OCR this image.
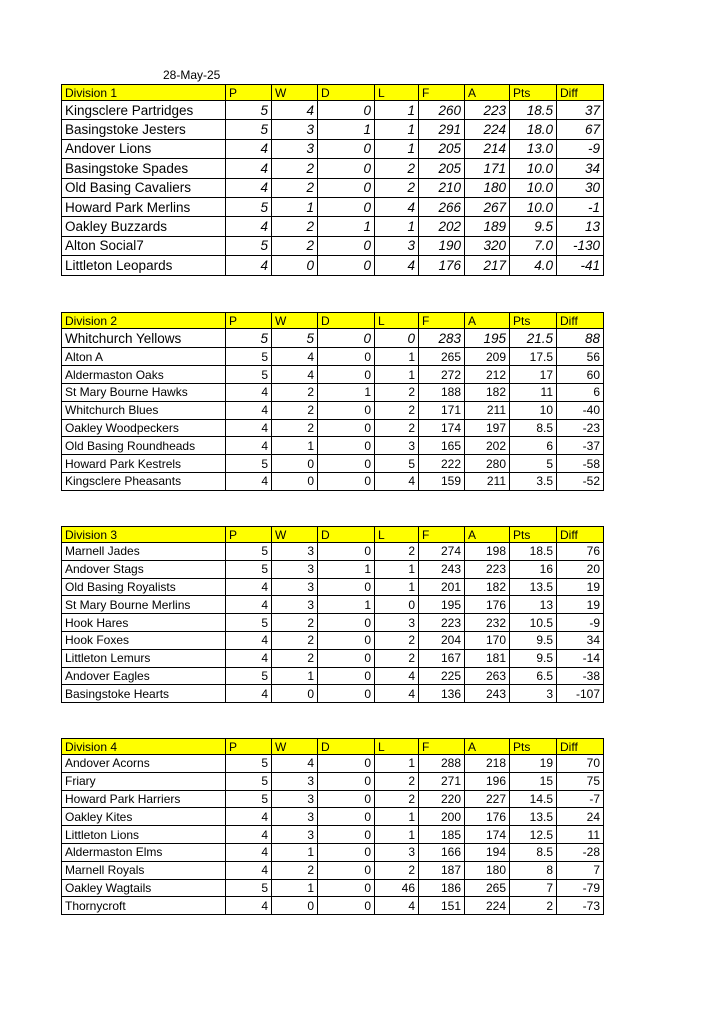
28-May-25
Division 1	P	W	D	L	F	A	Pts	Diff
Kingsclere Partridges	5	4	0	1	260	223	18.5	37
Basingstoke Jesters	5	3	1	1	291	224	18.0	67
Andover Lions	4	3	0	1	205	214	13.0	-9
Basingstoke Spades	4	2	0	2	205	171	10.0	34
Old Basing Cavaliers	4	2	0	2	210	180	10.0	30
Howard Park Merlins	5	1	0	4	266	267	10.0	-1
Oakley Buzzards	4	2	1	1	202	189	9.5	13
Alton Social7	5	2	0	3	190	320	7.0	-130
Littleton Leopards	4	0	0	4	176	217	4.0	-41
Division 2	P	W	D	L	F	A	Pts	Diff
Whitchurch Yellows	5	5	0	0	283	195	21.5	88
Alton A	5	4	0	1	265	209	17.5	56
Aldermaston Oaks	5	4	0	1	272	212	17	60
St Mary Bourne Hawks	4	2	1	2	188	182	11	6
Whitchurch Blues	4	2	0	2	171	211	10	-40
Oakley Woodpeckers	4	2	0	2	174	197	8.5	-23
Old Basing Roundheads	4	1	0	3	165	202	6	-37
Howard Park Kestrels	5	0	0	5	222	280	5	-58
Kingsclere Pheasants	4	0	0	4	159	211	3.5	-52
Division 3	P	W	D	L	F	A	Pts	Diff
Marnell Jades	5	3	0	2	274	198	18.5	76
Andover Stags	5	3	1	1	243	223	16	20
Old Basing Royalists	4	3	0	1	201	182	13.5	19
St Mary Bourne Merlins	4	3	1	0	195	176	13	19
Hook Hares	5	2	0	3	223	232	10.5	-9
Hook Foxes	4	2	0	2	204	170	9.5	34
Littleton Lemurs	4	2	0	2	167	181	9.5	-14
Andover Eagles	5	1	0	4	225	263	6.5	-38
Basingstoke Hearts	4	0	0	4	136	243	3	-107
Division 4	P	W	D	L	F	A	Pts	Diff
Andover Acorns	5	4	0	1	288	218	19	70
Friary	5	3	0	2	271	196	15	75
Howard Park Harriers	5	3	0	2	220	227	14.5	-7
Oakley Kites	4	3	0	1	200	176	13.5	24
Littleton Lions	4	3	0	1	185	174	12.5	11
Aldermaston Elms	4	1	0	3	166	194	8.5	-28
Marnell Royals	4	2	0	2	187	180	8	7
Oakley Wagtails	5	1	0	46	186	265	7	-79
Thornycroft	4	0	0	4	151	224	2	-73
